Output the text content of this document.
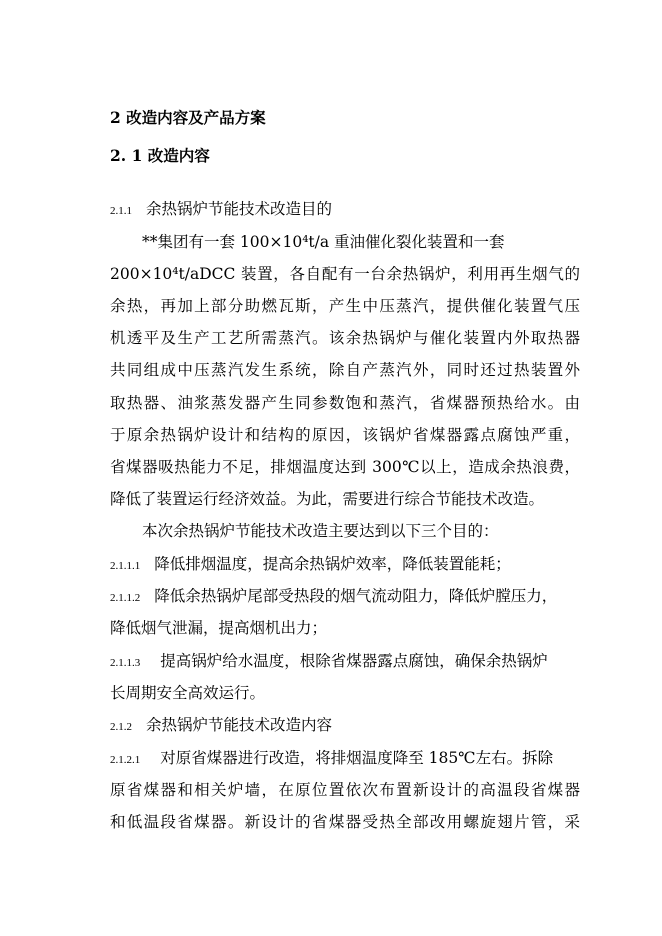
2 改造内容及产品方案
2. 1 改造内容
2.1.1 余热锅炉节能技术改造目的
**集团有一套 100×10⁴t/a 重油催化裂化装置和一套
200×10⁴t/aDCC 装置，各自配有一台余热锅炉，利用再生烟气的
余热，再加上部分助燃瓦斯，产生中压蒸汽，提供催化装置气压
机透平及生产工艺所需蒸汽。该余热锅炉与催化装置内外取热器
共同组成中压蒸汽发生系统，除自产蒸汽外，同时还过热装置外
取热器、油浆蒸发器产生同参数饱和蒸汽，省煤器预热给水。由
于原余热锅炉设计和结构的原因，该锅炉省煤器露点腐蚀严重，
省煤器吸热能力不足，排烟温度达到 300℃以上，造成余热浪费，
降低了装置运行经济效益。为此，需要进行综合节能技术改造。
本次余热锅炉节能技术改造主要达到以下三个目的：
2.1.1.1 降低排烟温度，提高余热锅炉效率，降低装置能耗；
2.1.1.2 降低余热锅炉尾部受热段的烟气流动阻力，降低炉膛压力，
降低烟气泄漏，提高烟机出力；
2.1.1.3 提高锅炉给水温度，根除省煤器露点腐蚀，确保余热锅炉
长周期安全高效运行。
2.1.2 余热锅炉节能技术改造内容
2.1.2.1 对原省煤器进行改造，将排烟温度降至 185℃左右。拆除
原省煤器和相关炉墙，在原位置依次布置新设计的高温段省煤器
和低温段省煤器。新设计的省煤器受热全部改用螺旋翅片管，采
